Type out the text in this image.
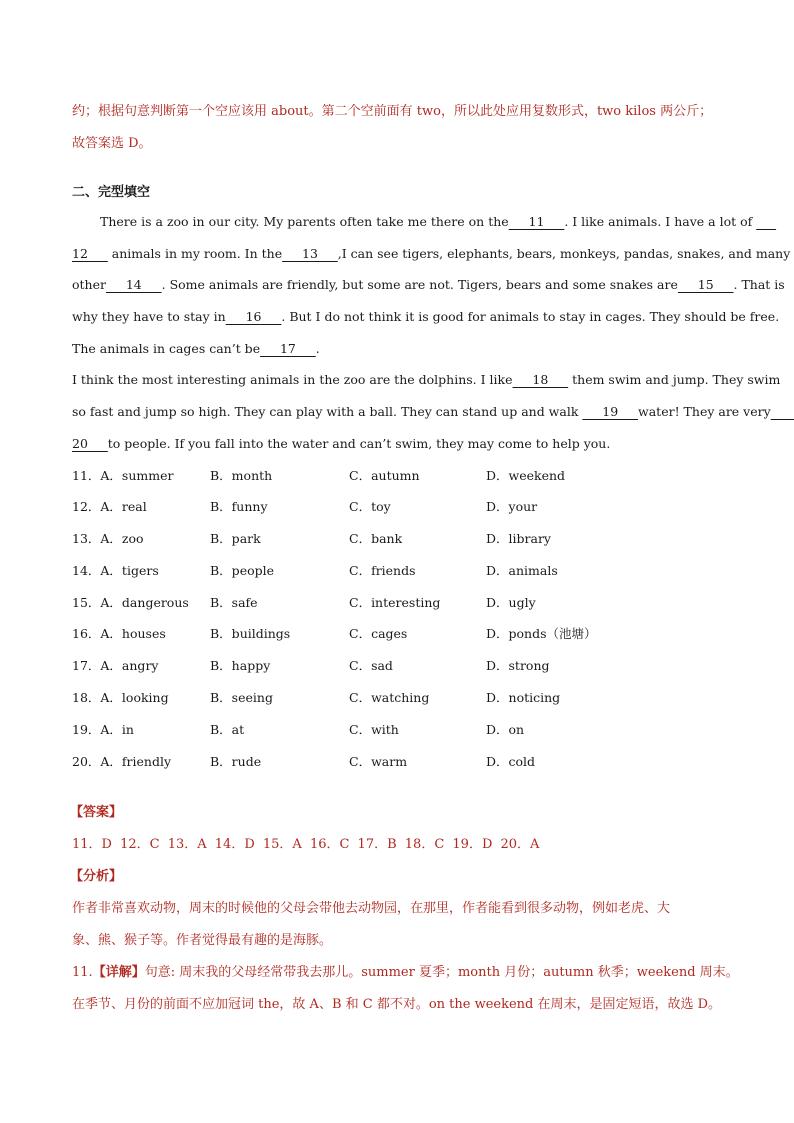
约；根据句意判断第一个空应该用 about。第二个空前面有 two，所以此处应用复数形式，two kilos 两公斤；
故答案选 D。
二、完型填空
There is a zoo in our city. My parents often take me there on the     11     . I like animals. I have a lot of
12      animals in my room. In the     13     ,I can see tigers, elephants, bears, monkeys, pandas, snakes, and many
other     14     . Some animals are friendly, but some are not. Tigers, bears and some snakes are     15     . That is
why they have to stay in     16     . But I do not think it is good for animals to stay in cages. They should be free.
The animals in cages can’t be     17     .
I think the most interesting animals in the zoo are the dolphins. I like     18      them swim and jump. They swim
so fast and jump so high. They can play with a ball. They can stand up and walk      19     water! They are very
20     to people. If you fall into the water and can’t swim, they may come to help you.
11．A．summer	B．month	C．autumn	D．weekend
12．A．real	B．funny	C．toy	D．your
13．A．zoo	B．park	C．bank	D．library
14．A．tigers	B．people	C．friends	D．animals
15．A．dangerous B．safe	C．interesting	D．ugly
16．A．houses	B．buildings	C．cages	D．ponds（池塘）
17．A．angry	B．happy	C．sad	D．strong
18．A．looking	B．seeing	C．watching	D．noticing
19．A．in	B．at	C．with	D．on
20．A．friendly	B．rude	C．warm	D．cold
【答案】
11．D 12．C 13．A 14．D 15．A 16．C 17．B 18．C 19．D 20．A
【分析】
作者非常喜欢动物，周末的时候他的父母会带他去动物园，在那里，作者能看到很多动物，例如老虎、大
象、熊、猴子等。作者觉得最有趣的是海豚。
11.【详解】句意: 周末我的父母经常带我去那儿。summer 夏季；month 月份；autumn 秋季；weekend 周末。
在季节、月份的前面不应加冠词 the，故 A、B 和 C 都不对。on the weekend 在周末，是固定短语，故选 D。
